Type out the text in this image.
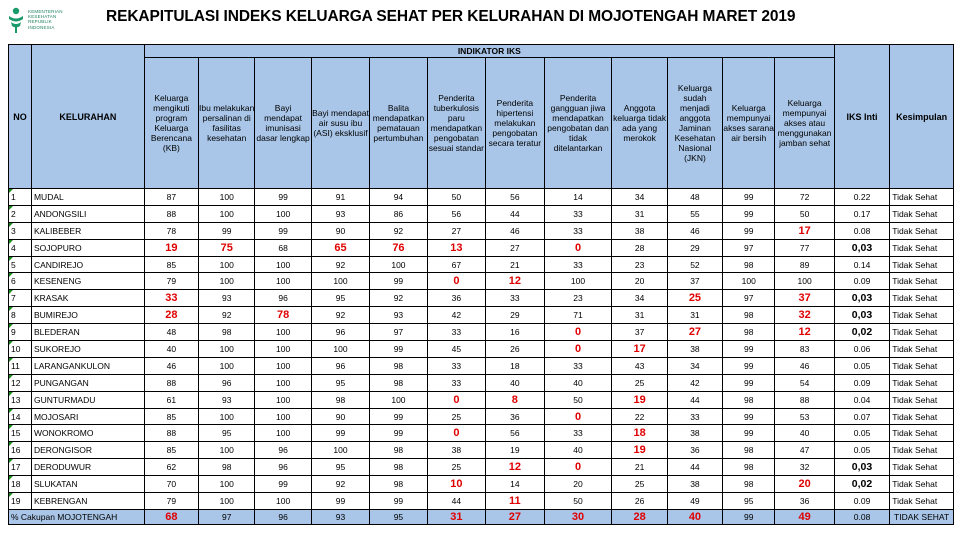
KEMENTERIAN
KESEHATAN
REPUBLIK
INDONESIA
REKAPITULASI INDEKS KELUARGA SEHAT PER KELURAHAN DI MOJOTENGAH MARET 2019
NO	KELURAHAN	INDIKATOR IKS												IKS Inti	Kesimpulan
		Keluarga mengikuti program Keluarga Berencana (KB)	Ibu melakukan persalinan di fasilitas kesehatan	Bayi mendapat imunisasi dasar lengkap	Bayi mendapat air susu ibu (ASI) eksklusif	Balita mendapatkan pematauan pertumbuhan	Penderita tuberkulosis paru mendapatkan pengobatan sesuai standar	Penderita hipertensi melakukan pengobatan secara teratur	Penderita gangguan jiwa mendapatkan pengobatan dan tidak ditelantarkan	Anggota keluarga tidak ada yang merokok	Keluarga sudah menjadi anggota Jaminan Kesehatan Nasional (JKN)	Keluarga mempunyai akses sarana air bersih	Keluarga mempunyai akses atau menggunakan jamban sehat		
1	MUDAL	87	100	99	91	94	50	56	14	34	48	99	72	0.22	Tidak Sehat
2	ANDONGSILI	88	100	100	93	86	56	44	33	31	55	99	50	0.17	Tidak Sehat
3	KALIBEBER	78	99	99	90	92	27	46	33	38	46	99	17	0.08	Tidak Sehat
4	SOJOPURO	19	75	68	65	76	13	27	0	28	29	97	77	0,03	Tidak Sehat
5	CANDIREJO	85	100	100	92	100	67	21	33	23	52	98	89	0.14	Tidak Sehat
6	KESENENG	79	100	100	100	99	0	12	100	20	37	100	100	0.09	Tidak Sehat
7	KRASAK	33	93	96	95	92	36	33	23	34	25	97	37	0,03	Tidak Sehat
8	BUMIREJO	28	92	78	92	93	42	29	71	31	31	98	32	0,03	Tidak Sehat
9	BLEDERAN	48	98	100	96	97	33	16	0	37	27	98	12	0,02	Tidak Sehat
10	SUKOREJO	40	100	100	100	99	45	26	0	17	38	99	83	0.06	Tidak Sehat
11	LARANGANKULON	46	100	100	96	98	33	18	33	43	34	99	46	0.05	Tidak Sehat
12	PUNGANGAN	88	96	100	95	98	33	40	40	25	42	99	54	0.09	Tidak Sehat
13	GUNTURMADU	61	93	100	98	100	0	8	50	19	44	98	88	0.04	Tidak Sehat
14	MOJOSARI	85	100	100	90	99	25	36	0	22	33	99	53	0.07	Tidak Sehat
15	WONOKROMO	88	95	100	99	99	0	56	33	18	38	99	40	0.05	Tidak Sehat
16	DERONGISOR	85	100	96	100	98	38	19	40	19	36	98	47	0.05	Tidak Sehat
17	DERODUWUR	62	98	96	95	98	25	12	0	21	44	98	32	0,03	Tidak Sehat
18	SLUKATAN	70	100	99	92	98	10	14	20	25	38	98	20	0,02	Tidak Sehat
19	KEBRENGAN	79	100	100	99	99	44	11	50	26	49	95	36	0.09	Tidak Sehat
% Cakupan MOJOTENGAH		68	97	96	93	95	31	27	30	28	40	99	49	0.08	TIDAK SEHAT
